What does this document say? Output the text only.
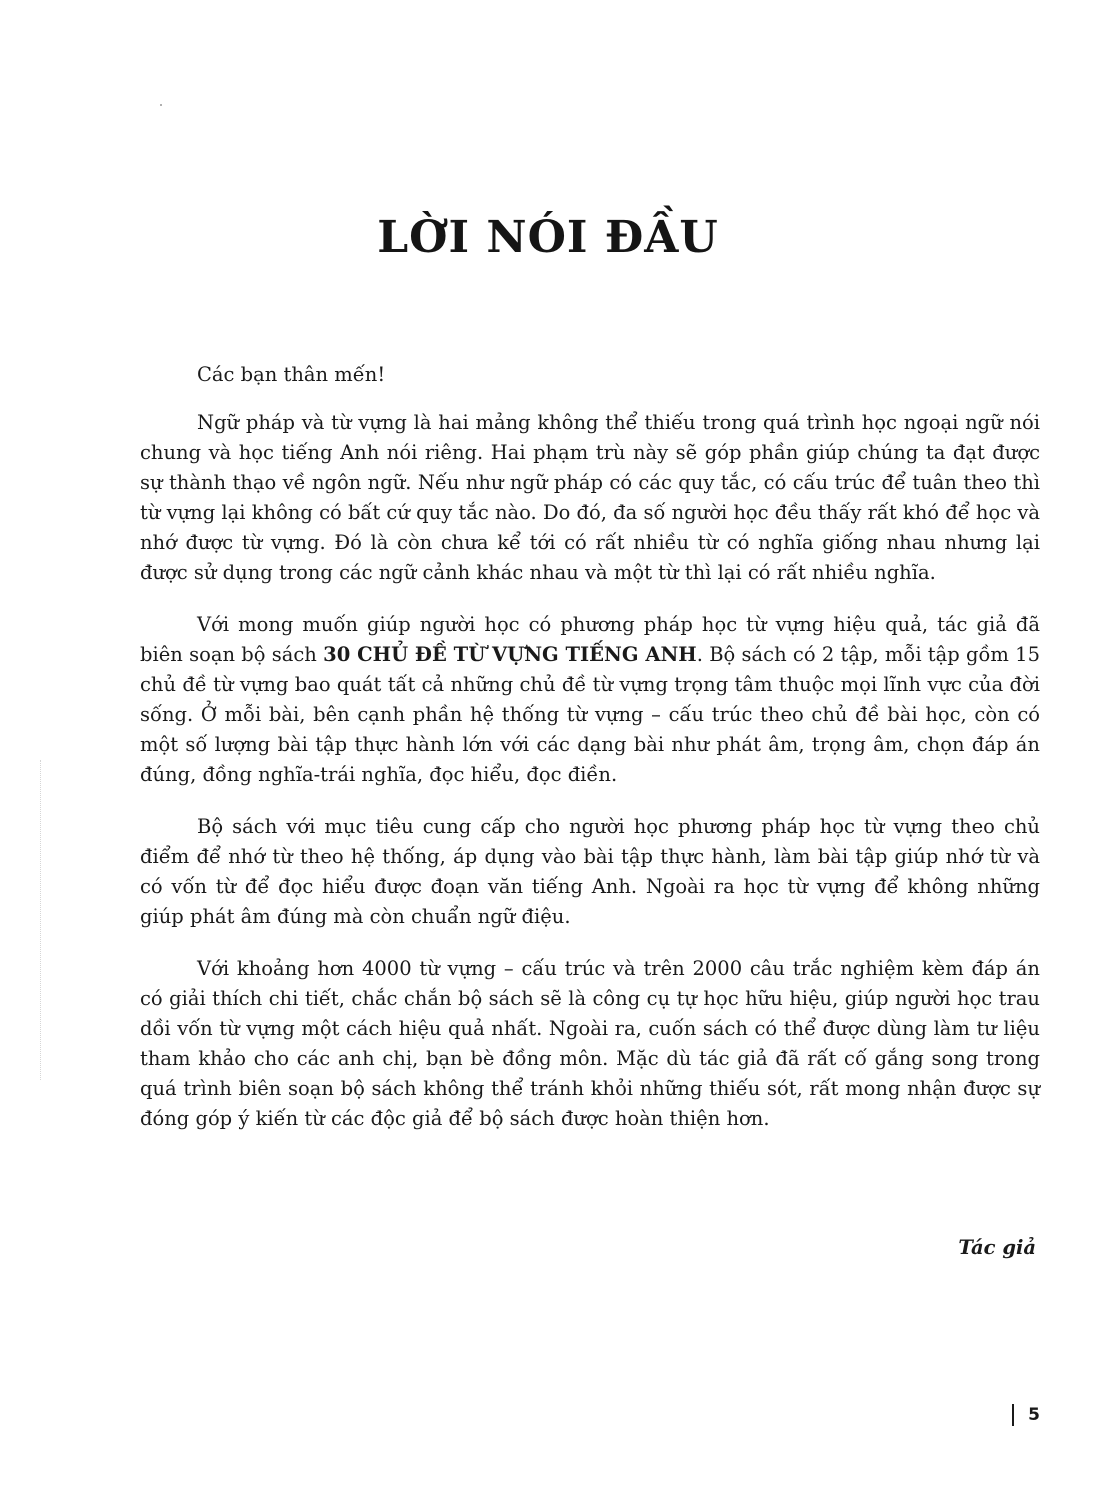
LỜI NÓI ĐẦU

Các bạn thân mến!

Ngữ pháp và từ vựng là hai mảng không thể thiếu trong quá trình học ngoại ngữ nói chung và học tiếng Anh nói riêng. Hai phạm trù này sẽ góp phần giúp chúng ta đạt được sự thành thạo về ngôn ngữ. Nếu như ngữ pháp có các quy tắc, có cấu trúc để tuân theo thì từ vựng lại không có bất cứ quy tắc nào. Do đó, đa số người học đều thấy rất khó để học và nhớ được từ vựng. Đó là còn chưa kể tới có rất nhiều từ có nghĩa giống nhau nhưng lại được sử dụng trong các ngữ cảnh khác nhau và một từ thì lại có rất nhiều nghĩa.

Với mong muốn giúp người học có phương pháp học từ vựng hiệu quả, tác giả đã biên soạn bộ sách 30 CHỦ ĐỀ TỪ VỰNG TIẾNG ANH. Bộ sách có 2 tập, mỗi tập gồm 15 chủ đề từ vựng bao quát tất cả những chủ đề từ vựng trọng tâm thuộc mọi lĩnh vực của đời sống. Ở mỗi bài, bên cạnh phần hệ thống từ vựng – cấu trúc theo chủ đề bài học, còn có một số lượng bài tập thực hành lớn với các dạng bài như phát âm, trọng âm, chọn đáp án đúng, đồng nghĩa-trái nghĩa, đọc hiểu, đọc điền.

Bộ sách với mục tiêu cung cấp cho người học phương pháp học từ vựng theo chủ điểm để nhớ từ theo hệ thống, áp dụng vào bài tập thực hành, làm bài tập giúp nhớ từ và có vốn từ để đọc hiểu được đoạn văn tiếng Anh. Ngoài ra học từ vựng để không những giúp phát âm đúng mà còn chuẩn ngữ điệu.

Với khoảng hơn 4000 từ vựng – cấu trúc và trên 2000 câu trắc nghiệm kèm đáp án có giải thích chi tiết, chắc chắn bộ sách sẽ là công cụ tự học hữu hiệu, giúp người học trau dồi vốn từ vựng một cách hiệu quả nhất. Ngoài ra, cuốn sách có thể được dùng làm tư liệu tham khảo cho các anh chị, bạn bè đồng môn. Mặc dù tác giả đã rất cố gắng song trong quá trình biên soạn bộ sách không thể tránh khỏi những thiếu sót, rất mong nhận được sự đóng góp ý kiến từ các độc giả để bộ sách được hoàn thiện hơn.

Tác giả
5
